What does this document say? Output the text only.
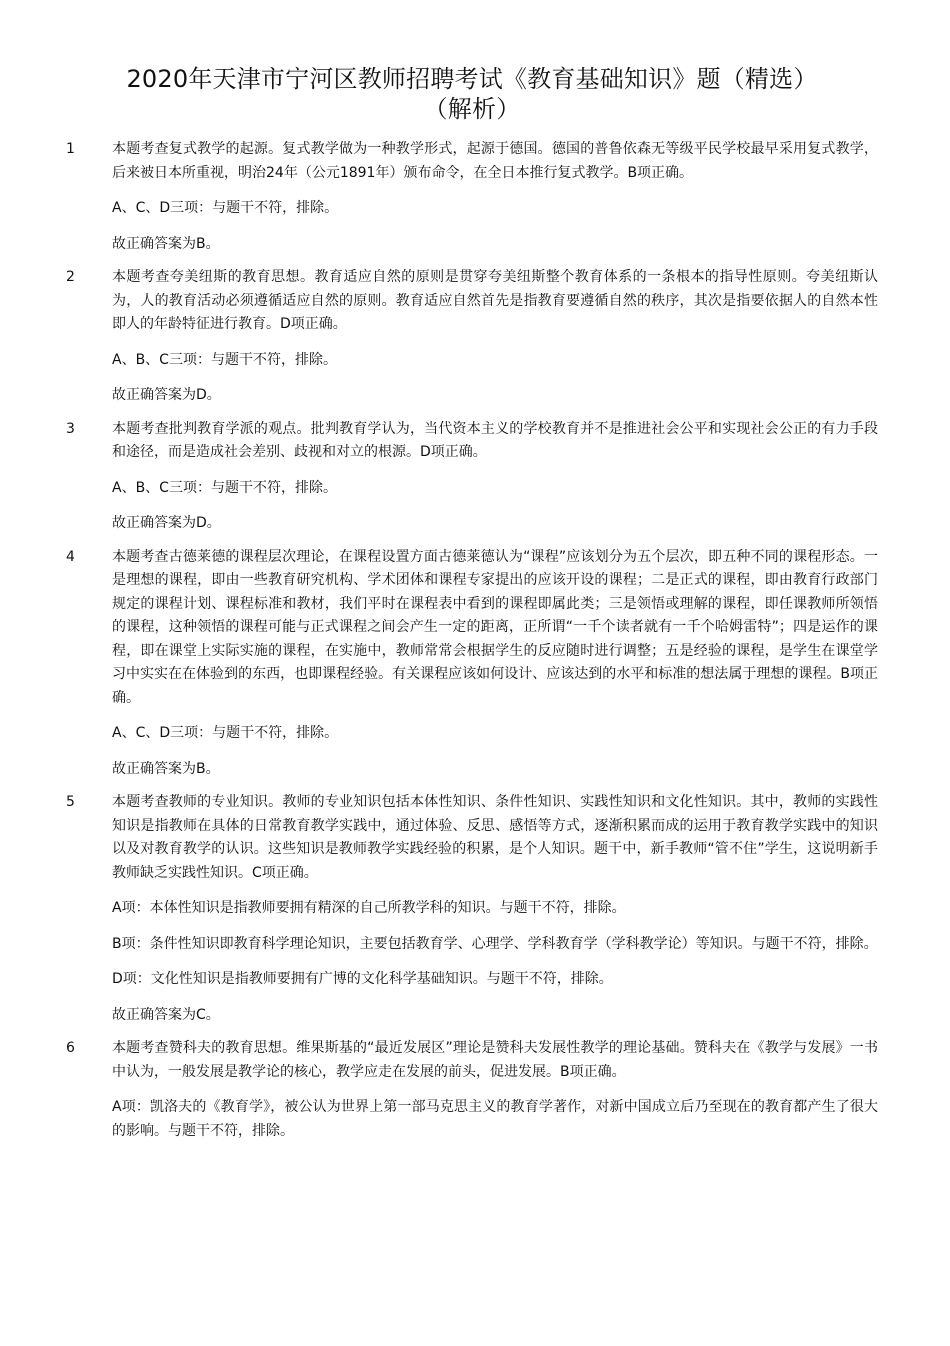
2020年天津市宁河区教师招聘考试《教育基础知识》题（精选）
（解析）
1	本题考查复式教学的起源。复式教学做为一种教学形式，起源于德国。德国的普鲁依森无等级平民学校最早采用复式教学，后来被日本所重视，明治24年（公元1891年）颁布命令，在全日本推行复式教学。B项正确。

A、C、D三项：与题干不符，排除。

故正确答案为B。

2	本题考查夸美纽斯的教育思想。教育适应自然的原则是贯穿夸美纽斯整个教育体系的一条根本的指导性原则。夸美纽斯认为，人的教育活动必须遵循适应自然的原则。教育适应自然首先是指教育要遵循自然的秩序，其次是指要依据人的自然本性即人的年龄特征进行教育。D项正确。

A、B、C三项：与题干不符，排除。

故正确答案为D。

3	本题考查批判教育学派的观点。批判教育学认为，当代资本主义的学校教育并不是推进社会公平和实现社会公正的有力手段和途径，而是造成社会差别、歧视和对立的根源。D项正确。

A、B、C三项：与题干不符，排除。

故正确答案为D。

4	本题考查古德莱德的课程层次理论，在课程设置方面古德莱德认为“课程”应该划分为五个层次，即五种不同的课程形态。一是理想的课程，即由一些教育研究机构、学术团体和课程专家提出的应该开设的课程；二是正式的课程，即由教育行政部门规定的课程计划、课程标准和教材，我们平时在课程表中看到的课程即属此类；三是领悟或理解的课程，即任课教师所领悟的课程，这种领悟的课程可能与正式课程之间会产生一定的距离，正所谓“一千个读者就有一千个哈姆雷特”；四是运作的课程，即在课堂上实际实施的课程，在实施中，教师常常会根据学生的反应随时进行调整；五是经验的课程，是学生在课堂学习中实实在在体验到的东西，也即课程经验。有关课程应该如何设计、应该达到的水平和标准的想法属于理想的课程。B项正确。

A、C、D三项：与题干不符，排除。

故正确答案为B。

5	本题考查教师的专业知识。教师的专业知识包括本体性知识、条件性知识、实践性知识和文化性知识。其中，教师的实践性知识是指教师在具体的日常教育教学实践中，通过体验、反思、感悟等方式，逐渐积累而成的运用于教育教学实践中的知识以及对教育教学的认识。这些知识是教师教学实践经验的积累，是个人知识。题干中，新手教师“管不住”学生，这说明新手教师缺乏实践性知识。C项正确。

A项：本体性知识是指教师要拥有精深的自己所教学科的知识。与题干不符，排除。

B项：条件性知识即教育科学理论知识，主要包括教育学、心理学、学科教育学（学科教学论）等知识。与题干不符，排除。

D项：文化性知识是指教师要拥有广博的文化科学基础知识。与题干不符，排除。

故正确答案为C。

6	本题考查赞科夫的教育思想。维果斯基的“最近发展区”理论是赞科夫发展性教学的理论基础。赞科夫在《教学与发展》一书中认为，一般发展是教学论的核心，教学应走在发展的前头，促进发展。B项正确。

A项：凯洛夫的《教育学》，被公认为世界上第一部马克思主义的教育学著作，对新中国成立后乃至现在的教育都产生了很大的影响。与题干不符，排除。
